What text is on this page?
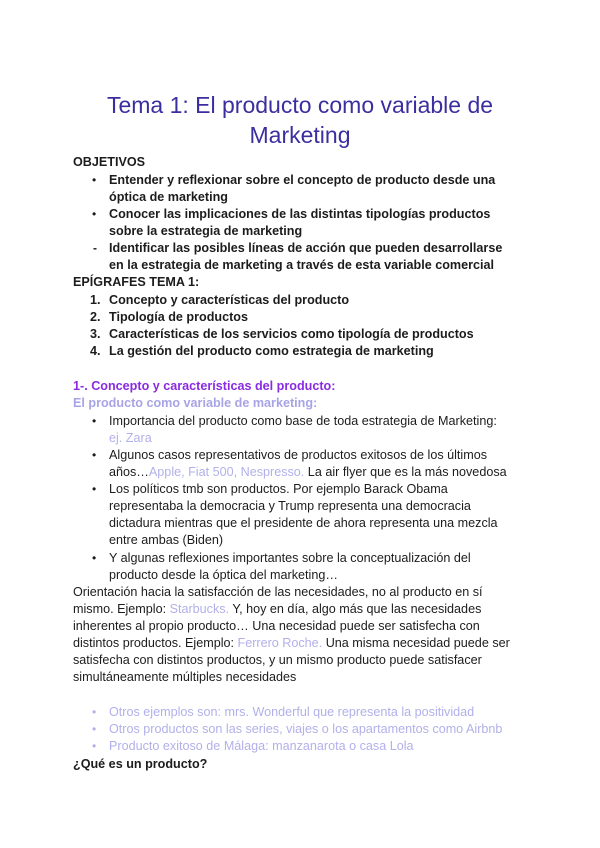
Tema 1: El producto como variable de
Marketing
OBJETIVOS
• Entender y reflexionar sobre el concepto de producto desde una
óptica de marketing
• Conocer las implicaciones de las distintas tipologías productos
sobre la estrategia de marketing
- Identificar las posibles líneas de acción que pueden desarrollarse
en la estrategia de marketing a través de esta variable comercial
EPÍGRAFES TEMA 1:
1. Concepto y características del producto
2. Tipología de productos
3. Características de los servicios como tipología de productos
4. La gestión del producto como estrategia de marketing
1-. Concepto y características del producto:
El producto como variable de marketing:
• Importancia del producto como base de toda estrategia de Marketing:
ej. Zara
• Algunos casos representativos de productos exitosos de los últimos
años…Apple, Fiat 500, Nespresso. La air flyer que es la más novedosa
• Los políticos tmb son productos. Por ejemplo Barack Obama
representaba la democracia y Trump representa una democracia
dictadura mientras que el presidente de ahora representa una mezcla
entre ambas (Biden)
• Y algunas reflexiones importantes sobre la conceptualización del
producto desde la óptica del marketing…
Orientación hacia la satisfacción de las necesidades, no al producto en sí
mismo. Ejemplo: Starbucks. Y, hoy en día, algo más que las necesidades
inherentes al propio producto… Una necesidad puede ser satisfecha con
distintos productos. Ejemplo: Ferrero Roche. Una misma necesidad puede ser
satisfecha con distintos productos, y un mismo producto puede satisfacer
simultáneamente múltiples necesidades
• Otros ejemplos son: mrs. Wonderful que representa la positividad
• Otros productos son las series, viajes o los apartamentos como Airbnb
• Producto exitoso de Málaga: manzanarota o casa Lola
¿Qué es un producto?
